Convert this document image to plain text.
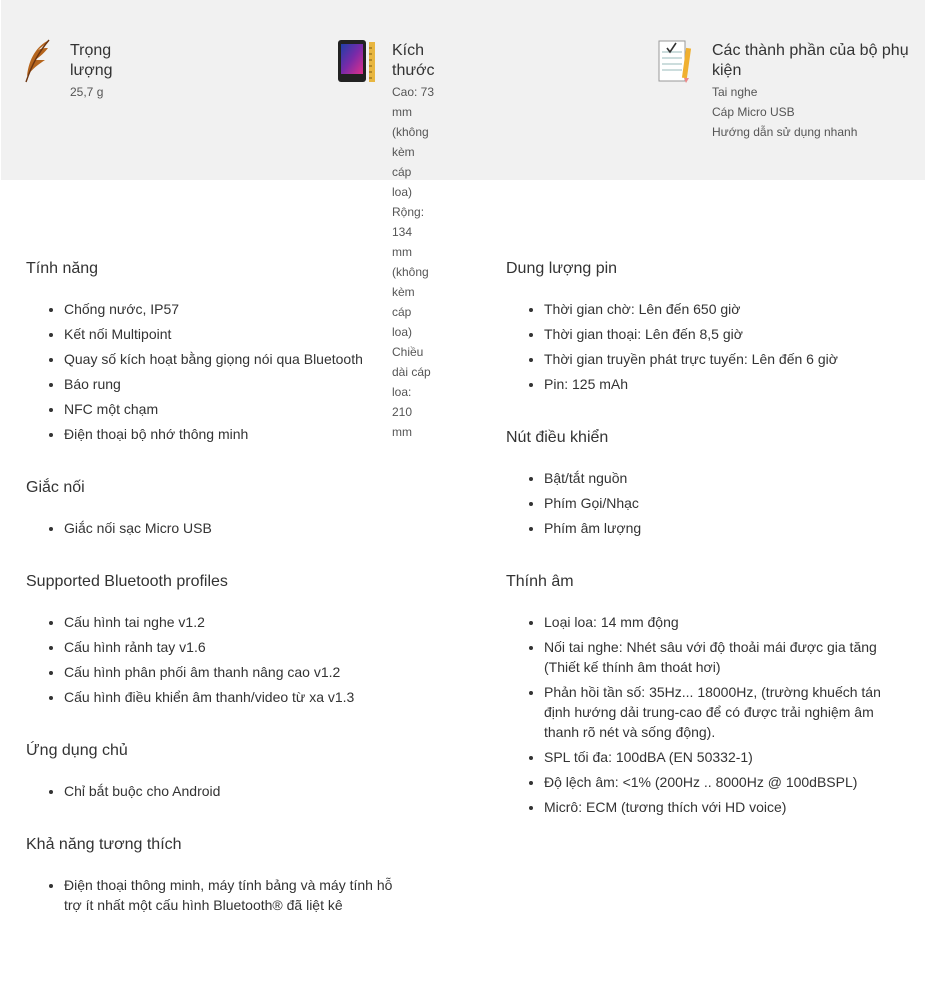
Trọng lượng
25,7 g
Kích thước
Cao: 73 mm (không kèm cáp loa)
Rộng: 134 mm (không kèm cáp loa)
Chiều dài cáp loa: 210 mm
Các thành phần của bộ phụ kiện
Tai nghe
Cáp Micro USB
Hướng dẫn sử dụng nhanh
Tính năng
• Chống nước, IP57
• Kết nối Multipoint
• Quay số kích hoạt bằng giọng nói qua Bluetooth
• Báo rung
• NFC một chạm
• Điện thoại bộ nhớ thông minh
Giắc nối
• Giắc nối sạc Micro USB
Supported Bluetooth profiles
• Cấu hình tai nghe v1.2
• Cấu hình rảnh tay v1.6
• Cấu hình phân phối âm thanh nâng cao v1.2
• Cấu hình điều khiển âm thanh/video từ xa v1.3
Ứng dụng chủ
• Chỉ bắt buộc cho Android
Khả năng tương thích
• Điện thoại thông minh, máy tính bảng và máy tính hỗ trợ ít nhất một cấu hình Bluetooth® đã liệt kê
Dung lượng pin
• Thời gian chờ: Lên đến 650 giờ
• Thời gian thoại: Lên đến 8,5 giờ
• Thời gian truyền phát trực tuyến: Lên đến 6 giờ
• Pin: 125 mAh
Nút điều khiển
• Bật/tắt nguồn
• Phím Gọi/Nhạc
• Phím âm lượng
Thính âm
• Loại loa: 14 mm động
• Nối tai nghe: Nhét sâu với độ thoải mái được gia tăng (Thiết kế thính âm thoát hơi)
• Phản hồi tần số: 35Hz... 18000Hz, (trường khuếch tán định hướng dải trung-cao để có được trải nghiệm âm thanh rõ nét và sống động).
• SPL tối đa: 100dBA (EN 50332-1)
• Độ lệch âm: <1% (200Hz .. 8000Hz @ 100dBSPL)
• Micrô: ECM (tương thích với HD voice)
